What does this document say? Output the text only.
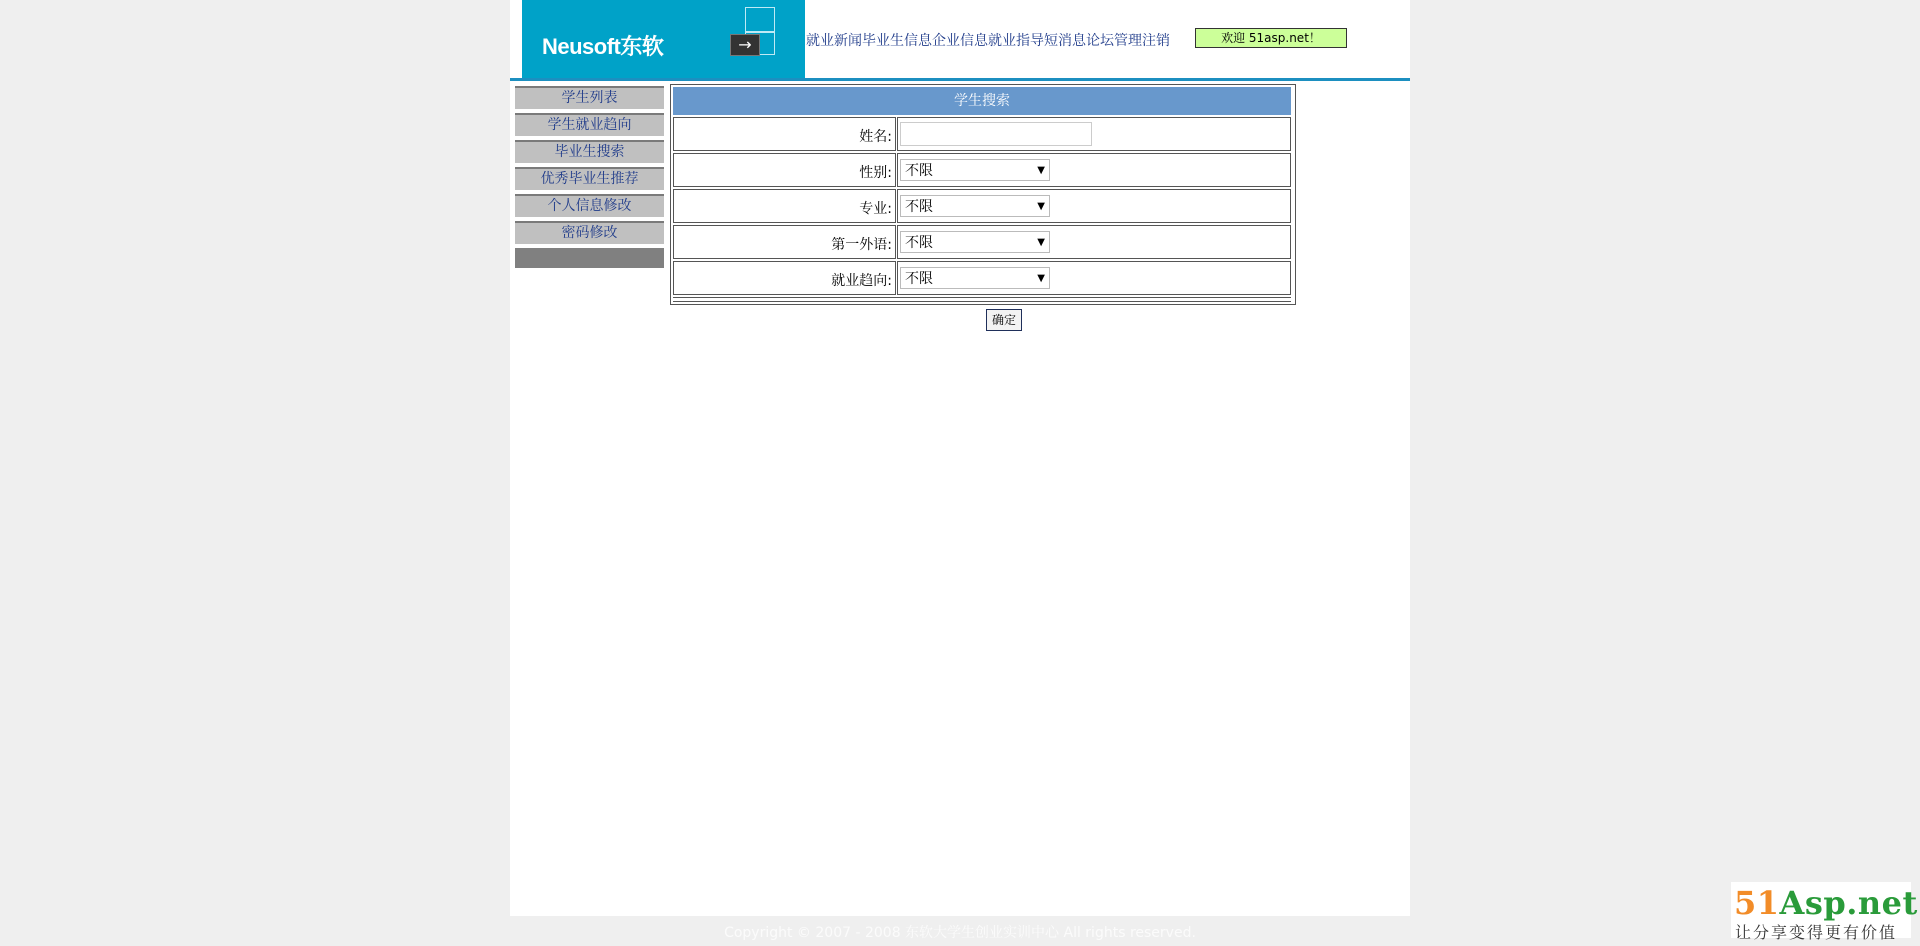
Neusoft东软	→	就业新闻 毕业生信息 企业信息 就业指导 短消息 论坛管理 注销	欢迎 51asp.net！
学生列表
学生就业趋向
毕业生搜索
优秀毕业生推荐
个人信息修改
密码修改
学生搜索
姓名:
性别: 不限	▼
专业: 不限	▼
第一外语: 不限	▼
就业趋向: 不限	▼
确定
Copyright © 2007 - 2008 东软大学生创业实训中心 All rights reserved.
51Asp.net
让分享变得更有价值
